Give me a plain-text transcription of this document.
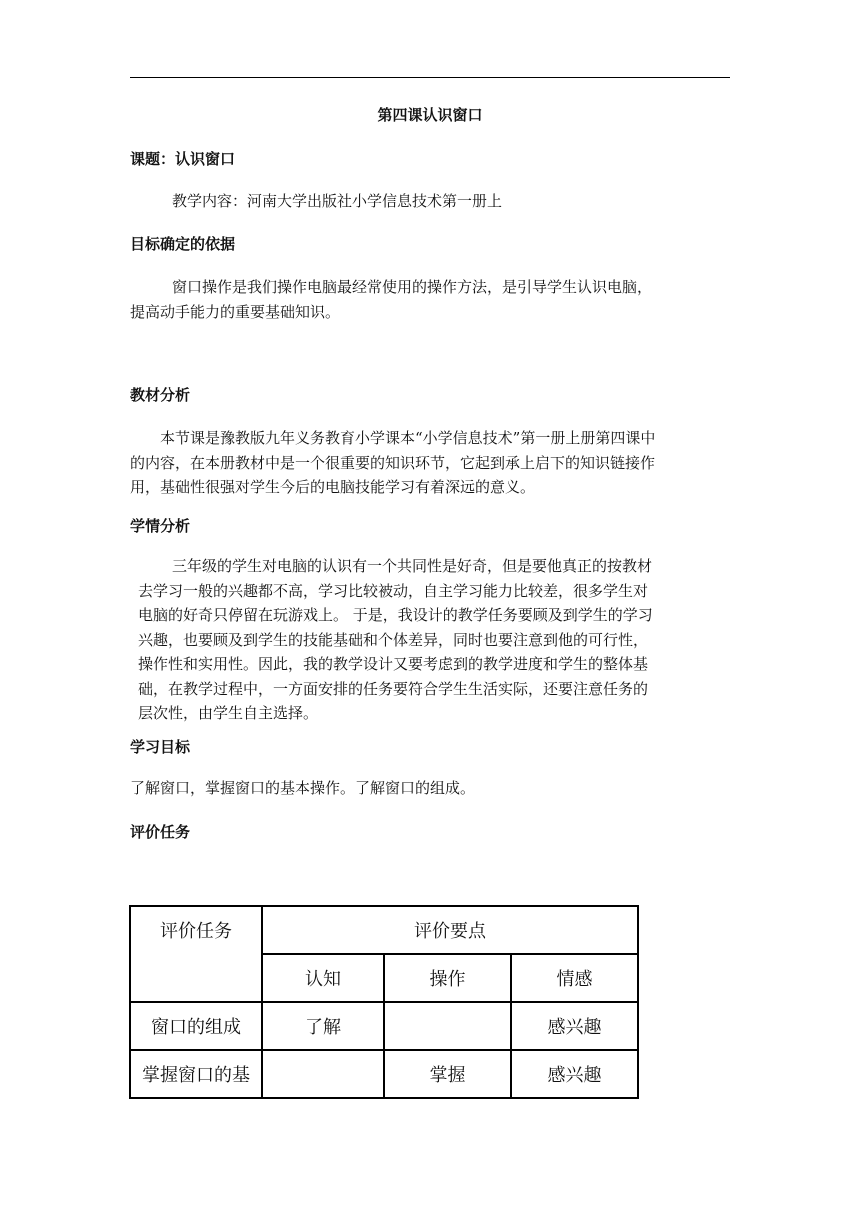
第四课认识窗口
课题：认识窗口
教学内容：河南大学出版社小学信息技术第一册上
目标确定的依据
窗口操作是我们操作电脑最经常使用的操作方法，是引导学生认识电脑，
提高动手能力的重要基础知识。
教材分析
本节课是豫教版九年义务教育小学课本“小学信息技术”第一册上册第四课中
的内容，在本册教材中是一个很重要的知识环节，它起到承上启下的知识链接作
用，基础性很强对学生今后的电脑技能学习有着深远的意义。
学情分析
三年级的学生对电脑的认识有一个共同性是好奇，但是要他真正的按教材
去学习一般的兴趣都不高，学习比较被动，自主学习能力比较差，很多学生对
电脑的好奇只停留在玩游戏上。 于是，我设计的教学任务要顾及到学生的学习
兴趣，也要顾及到学生的技能基础和个体差异，同时也要注意到他的可行性，
操作性和实用性。因此，我的教学设计又要考虑到的教学进度和学生的整体基
础，在教学过程中，一方面安排的任务要符合学生生活实际，还要注意任务的
层次性，由学生自主选择。
学习目标
了解窗口，掌握窗口的基本操作。了解窗口的组成。
评价任务
评价任务	评价要点		
	认知	操作	情感
窗口的组成	了解		感兴趣
掌握窗口的基		掌握	感兴趣
